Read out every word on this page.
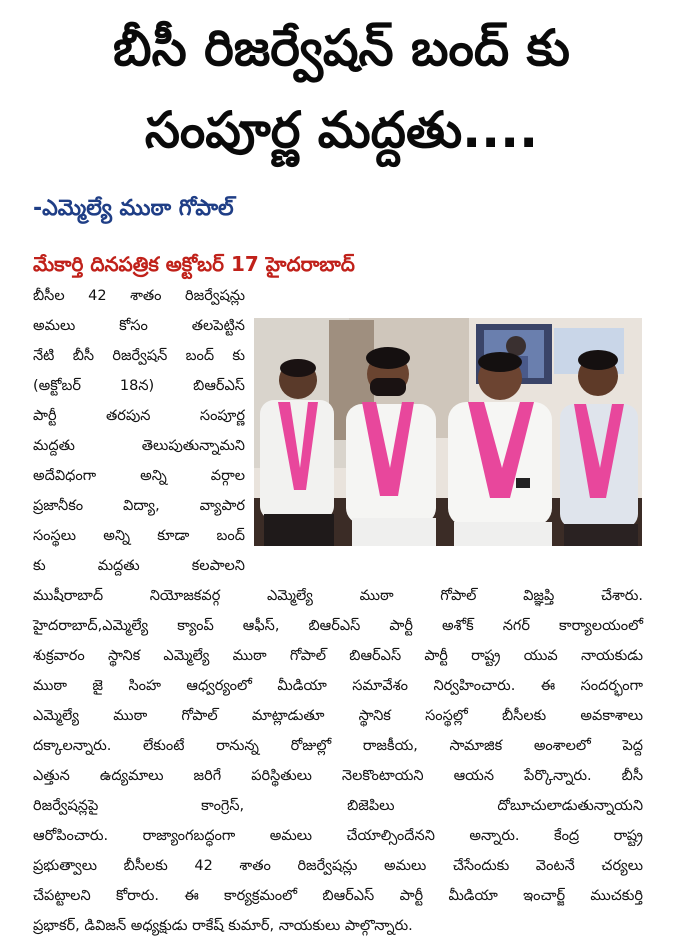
బీసీ రిజర్వేషన్ బంద్ కు
సంపూర్ణ మద్దతు....
-ఎమ్మెల్యే ముఠా గోపాల్
మేకార్తి దినపత్రిక అక్టోబర్ 17 హైదరాబాద్
బీసీల 42 శాతం రిజర్వేషన్లు
అమలు కోసం తలపెట్టిన
నేటి బీసీ రిజర్వేషన్ బంద్ కు
(అక్టోబర్ 18న) బిఆర్ఎస్
పార్టీ తరపున సంపూర్ణ
మద్దతు తెలుపుతున్నామని
అదేవిధంగా అన్ని వర్గాల
ప్రజానీకం విద్యా, వ్యాపార
సంస్థలు అన్ని కూడా బంద్
కు మద్దతు కలపాలని
ముషీరాబాద్ నియోజకవర్గ ఎమ్మెల్యే ముఠా గోపాల్ విజ్ఞప్తి చేశారు.
హైదరాబాద్,ఎమ్మెల్యే క్యాంప్ ఆఫీస్, బిఆర్ఎస్ పార్టీ అశోక్ నగర్ కార్యాలయంలో
శుక్రవారం స్థానిక ఎమ్మెల్యే ముఠా గోపాల్ బిఆర్ఎస్ పార్టీ రాష్ట్ర యువ నాయకుడు
ముఠా జై సింహ ఆధ్వర్యంలో మీడియా సమావేశం నిర్వహించారు. ఈ సందర్భంగా
ఎమ్మెల్యే ముఠా గోపాల్ మాట్లాడుతూ స్థానిక సంస్థల్లో బీసీలకు అవకాశాలు
దక్కాలన్నారు. లేకుంటే రానున్న రోజుల్లో రాజకీయ, సామాజిక అంశాలలో పెద్ద
ఎత్తున ఉద్యమాలు జరిగే పరిస్థితులు నెలకొంటాయని ఆయన పేర్కొన్నారు. బీసీ
రిజర్వేషన్లపై కాంగ్రెస్, బిజెపిలు దోబూచులాడుతున్నాయని
ఆరోపించారు. రాజ్యాంగబద్ధంగా అమలు చేయాల్సిందేనని అన్నారు. కేంద్ర రాష్ట్ర
ప్రభుత్వాలు బీసీలకు 42 శాతం రిజర్వేషన్లు అమలు చేసేందుకు వెంటనే చర్యలు
చేపట్టాలని కోరారు. ఈ కార్యక్రమంలో బిఆర్ఎస్ పార్టీ మీడియా ఇంచార్జ్ ముచకుర్తి
ప్రభాకర్, డివిజన్ అధ్యక్షుడు రాకేష్ కుమార్, నాయకులు పాల్గొన్నారు.
